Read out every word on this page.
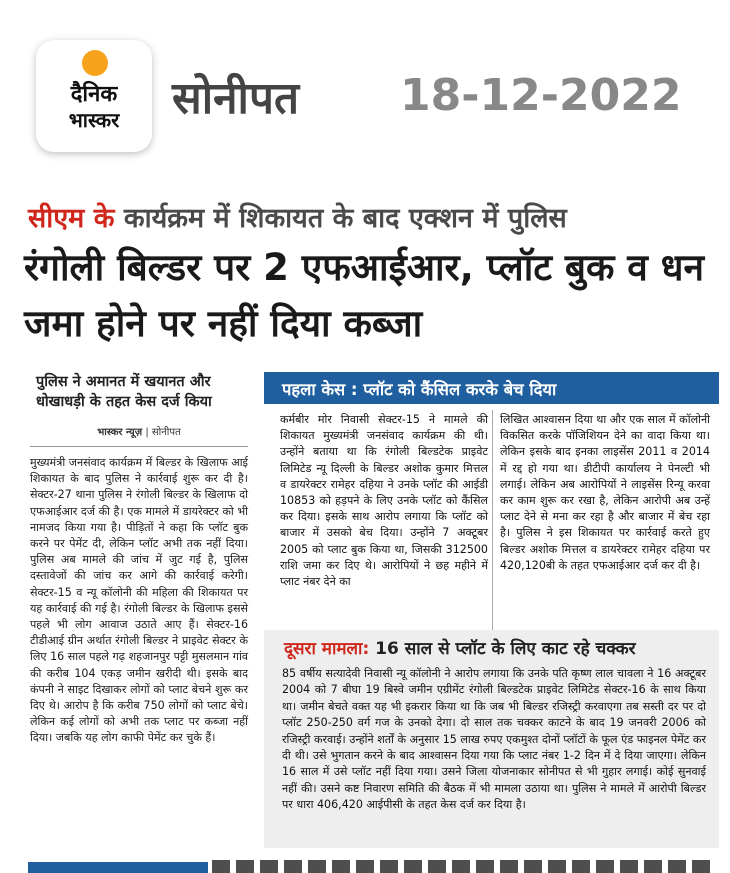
दैनिक
भास्कर	सोनीपत 18-12-2022
सीएम के कार्यक्रम में शिकायत के बाद एक्शन में पुलिस
रंगोली बिल्डर पर 2 एफआईआर, प्लॉट बुक व धन जमा होने पर नहीं दिया कब्जा
पुलिस ने अमानत में खयानत और धोखाधड़ी के तहत केस दर्ज किया
भास्कर न्यूज़ | सोनीपत
मुख्यमंत्री जनसंवाद कार्यक्रम में बिल्डर के खिलाफ आई शिकायत के बाद पुलिस ने कार्रवाई शुरू कर दी है। सेक्टर-27 थाना पुलिस ने रंगोली बिल्डर के खिलाफ दो एफआईआर दर्ज की है। एक मामले में डायरेक्टर को भी नामजद किया गया है। पीड़ितों ने कहा कि प्लॉट बुक करने पर पेमेंट दी, लेकिन प्लॉट अभी तक नहीं दिया। पुलिस अब मामले की जांच में जुट गई है, पुलिस दस्तावेजों की जांच कर आगे की कार्रवाई करेगी। सेक्टर-15 व न्यू कॉलोनी की महिला की शिकायत पर यह कार्रवाई की गई है। रंगोली बिल्डर के खिलाफ इससे पहले भी लोग आवाज उठाते आए हैं। सेक्टर-16 टीडीआई ग्रीन अर्थात रंगोली बिल्डर ने प्राइवेट सेक्टर के लिए 16 साल पहले गढ़ शहजानपुर पट्टी मुसलमान गांव की करीब 104 एकड़ जमीन खरीदी थी। इसके बाद कंपनी ने साइट दिखाकर लोगों को प्लाट बेचने शुरू कर दिए थे। आरोप है कि करीब 750 लोगों को प्लाट बेचे। लेकिन कई लोगों को अभी तक प्लाट पर कब्जा नहीं दिया। जबकि यह लोग काफी पेमेंट कर चुके हैं।
पहला केस : प्लॉट को कैंसिल करके बेच दिया
कर्मबीर मोर निवासी सेक्टर-15 ने मामले की शिकायत मुख्यमंत्री जनसंवाद कार्यक्रम की थी। उन्होंने बताया था कि रंगोली बिल्डटेक प्राइवेट लिमिटेड न्यू दिल्ली के बिल्डर अशोक कुमार मित्तल व डायरेक्टर रामेहर दहिया ने उनके प्लॉट की आईडी 10853 को हड़पने के लिए उनके प्लॉट को कैंसिल कर दिया। इसके साथ आरोप लगाया कि प्लॉट को बाजार में उसको बेच दिया। उन्होंने 7 अक्टूबर 2005 को प्लाट बुक किया था, जिसकी 312500 राशि जमा कर दिए थे। आरोपियों ने छह महीने में प्लाट नंबर देने का
लिखित आश्वासन दिया था और एक साल में कॉलोनी विकसित करके पॉजिशियन देने का वादा किया था। लेकिन इसके बाद इनका लाइसेंस 2011 व 2014 में रद्द हो गया था। डीटीपी कार्यालय ने पेनल्टी भी लगाई। लेकिन अब आरोपियों ने लाइसेंस रिन्यू करवा कर काम शुरू कर रखा है, लेकिन आरोपी अब उन्हें प्लाट देने से मना कर रहा है और बाजार में बेच रहा है। पुलिस ने इस शिकायत पर कार्रवाई करते हुए बिल्डर अशोक मित्तल व डायरेक्टर रामेहर दहिया पर 420,120बी के तहत एफआईआर दर्ज कर दी है।
दूसरा मामला: 16 साल से प्लॉट के लिए काट रहे चक्कर
85 वर्षीय सत्यादेवी निवासी न्यू कॉलोनी ने आरोप लगाया कि उनके पति कृष्ण लाल चावला ने 16 अक्टूबर 2004 को 7 बीघा 19 बिस्वे जमीन एग्रीमेंट रंगोली बिल्डटेक प्राइवेट लिमिटेड सेक्टर-16 के साथ किया था। जमीन बेचते वक्त यह भी इकरार किया था कि जब भी बिल्डर रजिस्ट्री करवाएगा तब सस्ती दर पर दो प्लॉट 250-250 वर्ग गज के उनको देगा। दो साल तक चक्कर काटने के बाद 19 जनवरी 2006 को रजिस्ट्री करवाई। उन्होंने शर्तों के अनुसार 15 लाख रुपए एकमुश्त दोनों प्लॉटों के फूल एंड फाइनल पेमेंट कर दी थी। उसे भुगतान करने के बाद आश्वासन दिया गया कि प्लाट नंबर 1-2 दिन में दे दिया जाएगा। लेकिन 16 साल में उसे प्लॉट नहीं दिया गया। उसने जिला योजनाकार सोनीपत से भी गुहार लगाई। कोई सुनवाई नहीं की। उसने कष्ट निवारण समिति की बैठक में भी मामला उठाया था। पुलिस ने मामले में आरोपी बिल्डर पर धारा 406,420 आईपीसी के तहत केस दर्ज कर दिया है।
